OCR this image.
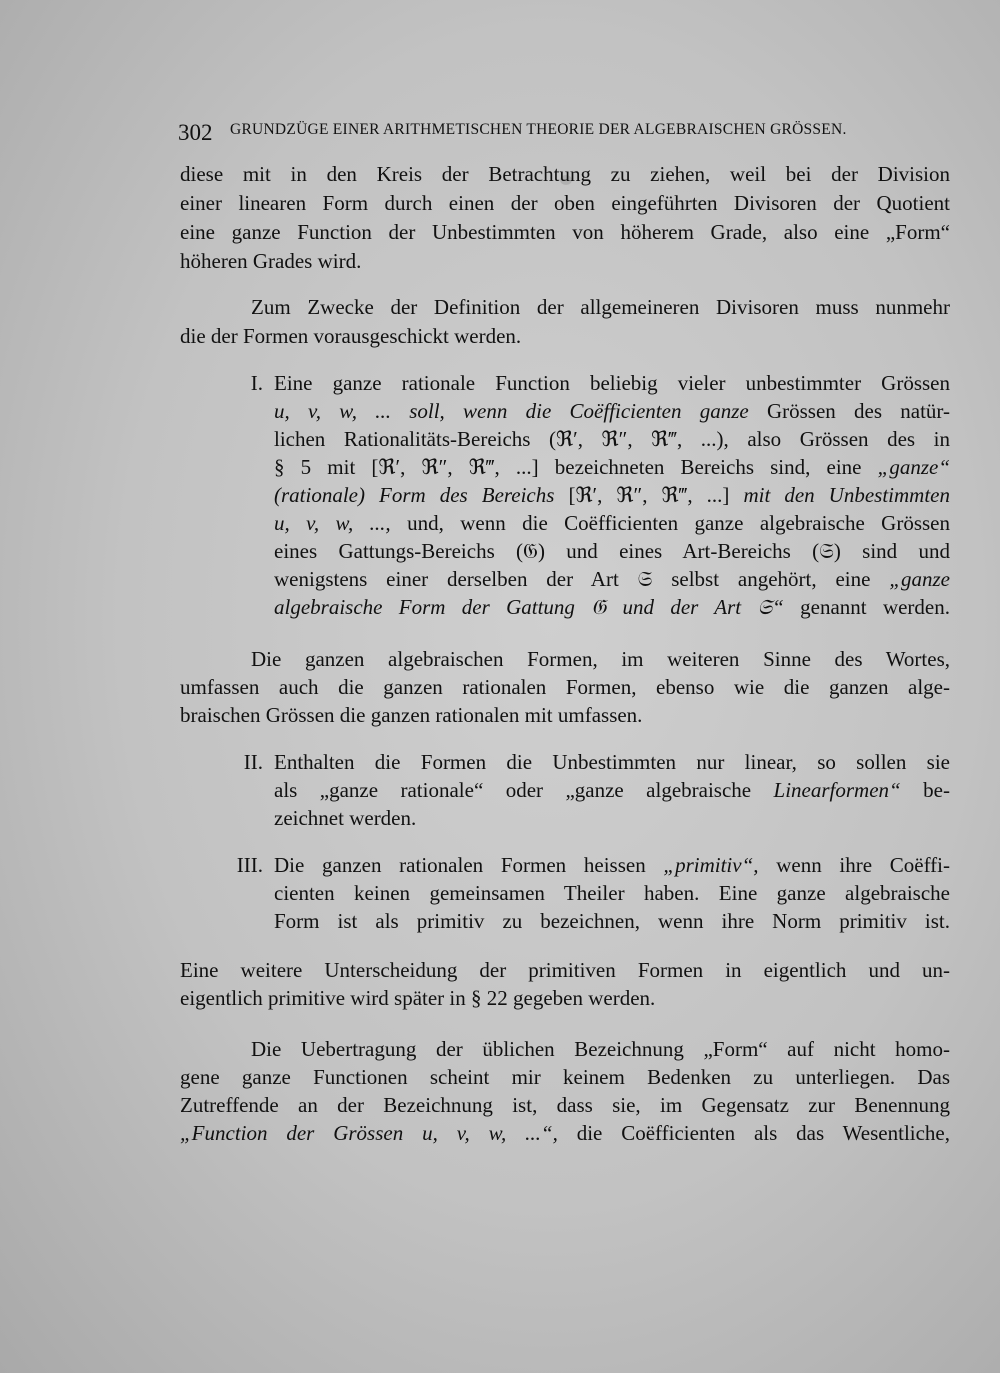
302 GRUNDZÜGE EINER ARITHMETISCHEN THEORIE DER ALGEBRAISCHEN GRÖSSEN.
diese mit in den Kreis der Betrachtung zu ziehen, weil bei der Division
einer linearen Form durch einen der oben eingeführten Divisoren der Quotient
eine ganze Function der Unbestimmten von höherem Grade, also eine „Form“
höheren Grades wird.
Zum Zwecke der Definition der allgemeineren Divisoren muss nunmehr
die der Formen vorausgeschickt werden.
I. Eine ganze rationale Function beliebig vieler unbestimmter Grössen
u, v, w, ... soll, wenn die Coëfficienten ganze Grössen des natür-
lichen Rationalitäts-Bereichs (ℜ′, ℜ″, ℜ‴, ...), also Grössen des in
§ 5 mit [ℜ′, ℜ″, ℜ‴, ...] bezeichneten Bereichs sind, eine „ganze“
(rationale) Form des Bereichs [ℜ′, ℜ″, ℜ‴, ...] mit den Unbestimmten
u, v, w, ..., und, wenn die Coëfficienten ganze algebraische Grössen
eines Gattungs-Bereichs (𝔊) und eines Art-Bereichs (𝔖) sind und
wenigstens einer derselben der Art 𝔖 selbst angehört, eine „ganze
algebraische Form der Gattung 𝔊 und der Art 𝔖“ genannt werden.
Die ganzen algebraischen Formen, im weiteren Sinne des Wortes,
umfassen auch die ganzen rationalen Formen, ebenso wie die ganzen alge-
braischen Grössen die ganzen rationalen mit umfassen.
II. Enthalten die Formen die Unbestimmten nur linear, so sollen sie
als „ganze rationale“ oder „ganze algebraische Linearformen“ be-
zeichnet werden.
III. Die ganzen rationalen Formen heissen „primitiv“, wenn ihre Coëffi-
cienten keinen gemeinsamen Theiler haben. Eine ganze algebraische
Form ist als primitiv zu bezeichnen, wenn ihre Norm primitiv ist.
Eine weitere Unterscheidung der primitiven Formen in eigentlich und un-
eigentlich primitive wird später in § 22 gegeben werden.
Die Uebertragung der üblichen Bezeichnung „Form“ auf nicht homo-
gene ganze Functionen scheint mir keinem Bedenken zu unterliegen. Das
Zutreffende an der Bezeichnung ist, dass sie, im Gegensatz zur Benennung
„Function der Grössen u, v, w, ...“, die Coëfficienten als das Wesentliche,
